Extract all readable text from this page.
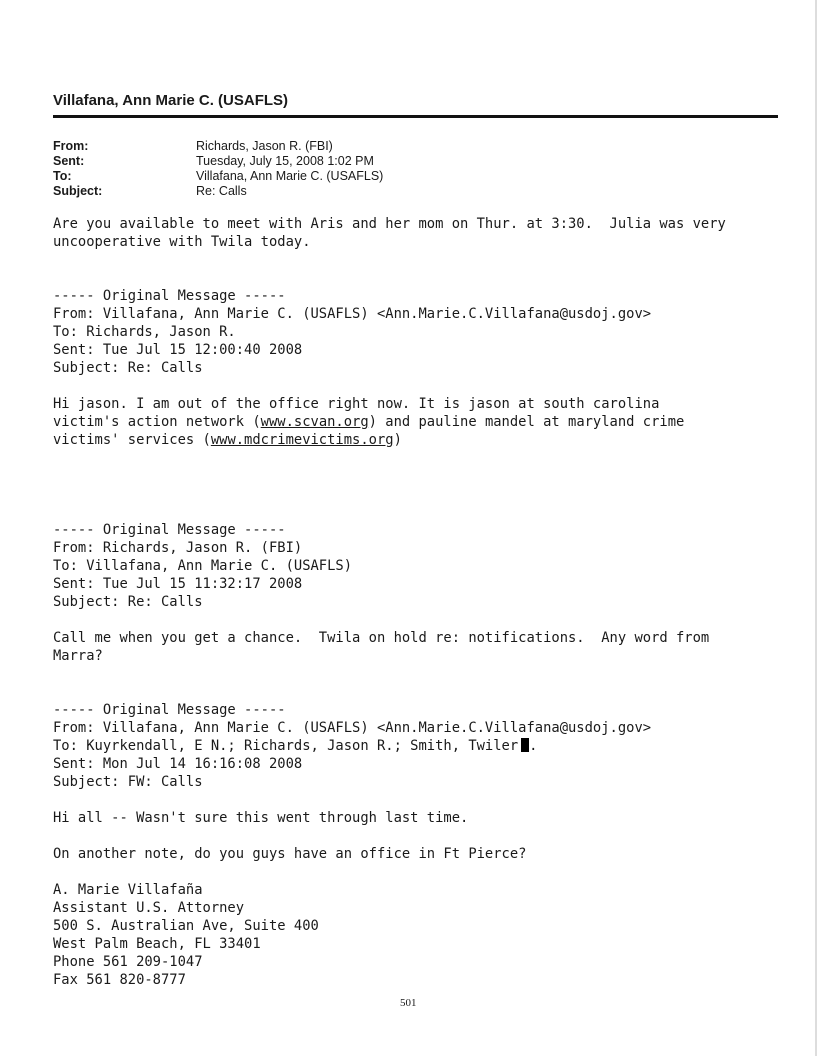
Villafana, Ann Marie C. (USAFLS)
From:	Richards, Jason R. (FBI)
Sent:	Tuesday, July 15, 2008 1:02 PM
To:	Villafana, Ann Marie C. (USAFLS)
Subject:	Re: Calls
Are you available to meet with Aris and her mom on Thur. at 3:30.  Julia was very
uncooperative with Twila today.
----- Original Message -----
From: Villafana, Ann Marie C. (USAFLS) <Ann.Marie.C.Villafana@usdoj.gov>
To: Richards, Jason R.
Sent: Tue Jul 15 12:00:40 2008
Subject: Re: Calls
Hi jason. I am out of the office right now. It is jason at south carolina
victim's action network (www.scvan.org) and pauline mandel at maryland crime
victims' services (www.mdcrimevictims.org)
----- Original Message -----
From: Richards, Jason R. (FBI)
To: Villafana, Ann Marie C. (USAFLS)
Sent: Tue Jul 15 11:32:17 2008
Subject: Re: Calls
Call me when you get a chance.  Twila on hold re: notifications.  Any word from
Marra?
----- Original Message -----
From: Villafana, Ann Marie C. (USAFLS) <Ann.Marie.C.Villafana@usdoj.gov>
To: Kuyrkendall, E N.; Richards, Jason R.; Smith, Twiler .
Sent: Mon Jul 14 16:16:08 2008
Subject: FW: Calls
Hi all -- Wasn't sure this went through last time.
On another note, do you guys have an office in Ft Pierce?
A. Marie Villafaña
Assistant U.S. Attorney
500 S. Australian Ave, Suite 400
West Palm Beach, FL 33401
Phone 561 209-1047
Fax 561 820-8777
501
